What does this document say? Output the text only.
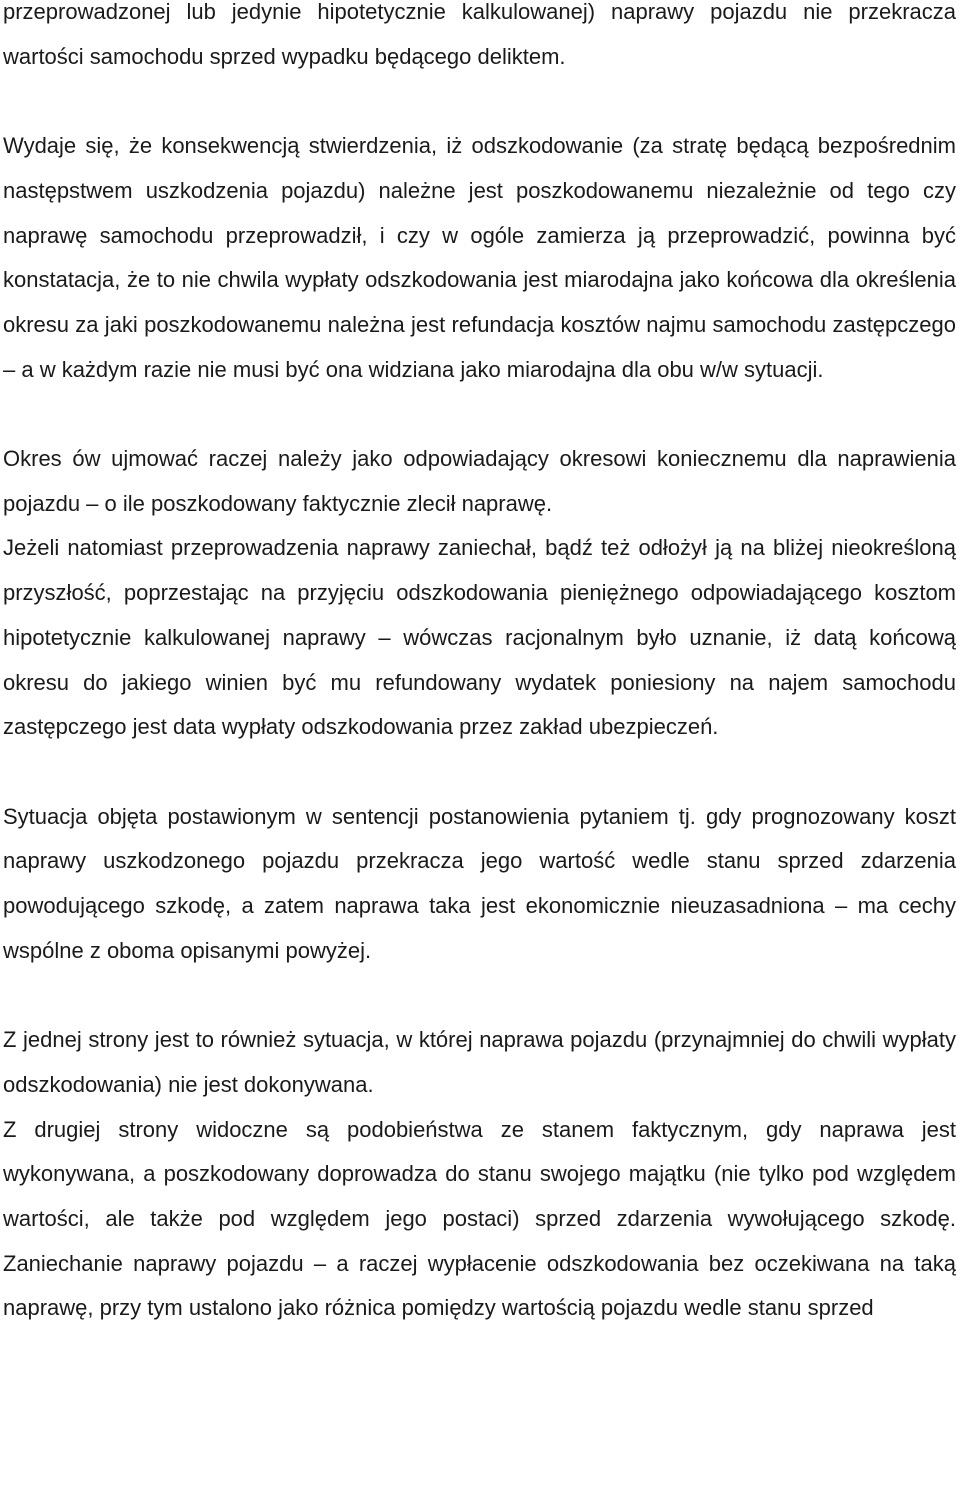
przeprowadzonej lub jedynie hipotetycznie kalkulowanej) naprawy pojazdu nie przekracza wartości samochodu sprzed wypadku będącego deliktem.

Wydaje się, że konsekwencją stwierdzenia, iż odszkodowanie (za stratę będącą bezpośrednim następstwem uszkodzenia pojazdu) należne jest poszkodowanemu niezależnie od tego czy naprawę samochodu przeprowadził, i czy w ogóle zamierza ją przeprowadzić, powinna być konstatacja, że to nie chwila wypłaty odszkodowania jest miarodajna jako końcowa dla określenia okresu za jaki poszkodowanemu należna jest refundacja kosztów najmu samochodu zastępczego – a w każdym razie nie musi być ona widziana jako miarodajna dla obu w/w sytuacji.

Okres ów ujmować raczej należy jako odpowiadający okresowi koniecznemu dla naprawienia pojazdu – o ile poszkodowany faktycznie zlecił naprawę.

Jeżeli natomiast przeprowadzenia naprawy zaniechał, bądź też odłożył ją na bliżej nieokreśloną przyszłość, poprzestając na przyjęciu odszkodowania pieniężnego odpowiadającego kosztom hipotetycznie kalkulowanej naprawy – wówczas racjonalnym było uznanie, iż datą końcową okresu do jakiego winien być mu refundowany wydatek poniesiony na najem samochodu zastępczego jest data wypłaty odszkodowania przez zakład ubezpieczeń.

Sytuacja objęta postawionym w sentencji postanowienia pytaniem tj. gdy prognozowany koszt naprawy uszkodzonego pojazdu przekracza jego wartość wedle stanu sprzed zdarzenia powodującego szkodę, a zatem naprawa taka jest ekonomicznie nieuzasadniona – ma cechy wspólne z oboma opisanymi powyżej.

Z jednej strony jest to również sytuacja, w której naprawa pojazdu (przynajmniej do chwili wypłaty odszkodowania) nie jest dokonywana.

Z drugiej strony widoczne są podobieństwa ze stanem faktycznym, gdy naprawa jest wykonywana, a poszkodowany doprowadza do stanu swojego majątku (nie tylko pod względem wartości, ale także pod względem jego postaci) sprzed zdarzenia wywołującego szkodę. Zaniechanie naprawy pojazdu – a raczej wypłacenie odszkodowania bez oczekiwana na taką naprawę, przy tym ustalono jako różnica pomiędzy wartością pojazdu wedle stanu sprzed
